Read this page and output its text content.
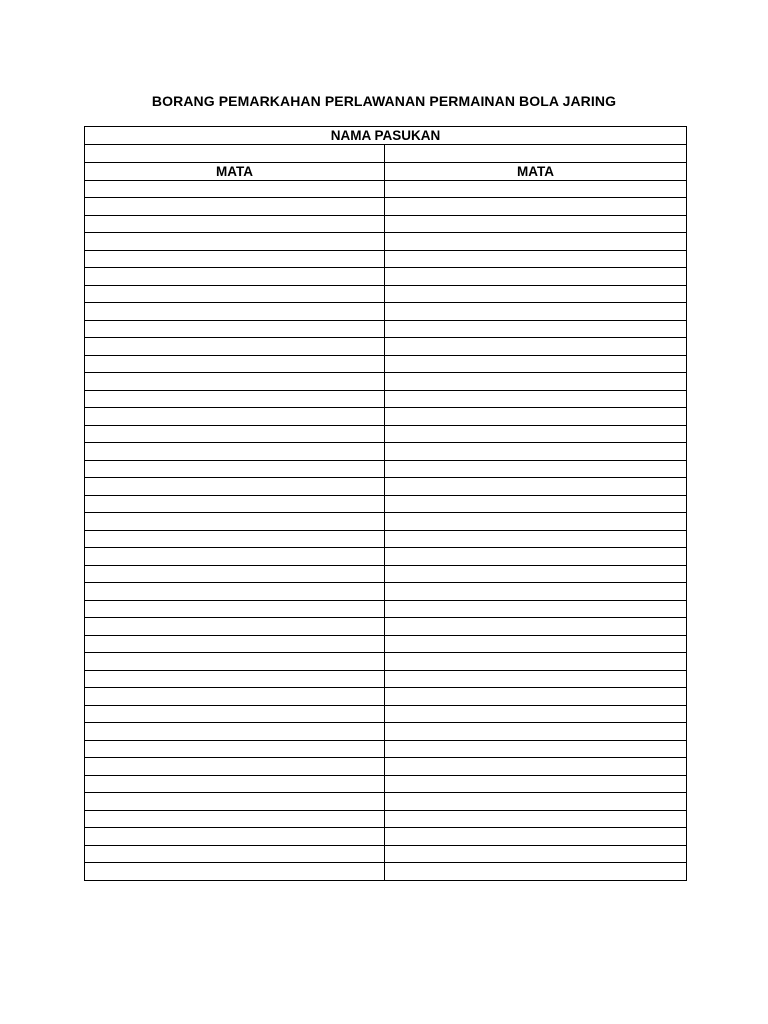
BORANG PEMARKAHAN PERLAWANAN PERMAINAN BOLA JARING
NAMA PASUKAN	

MATA	MATA
